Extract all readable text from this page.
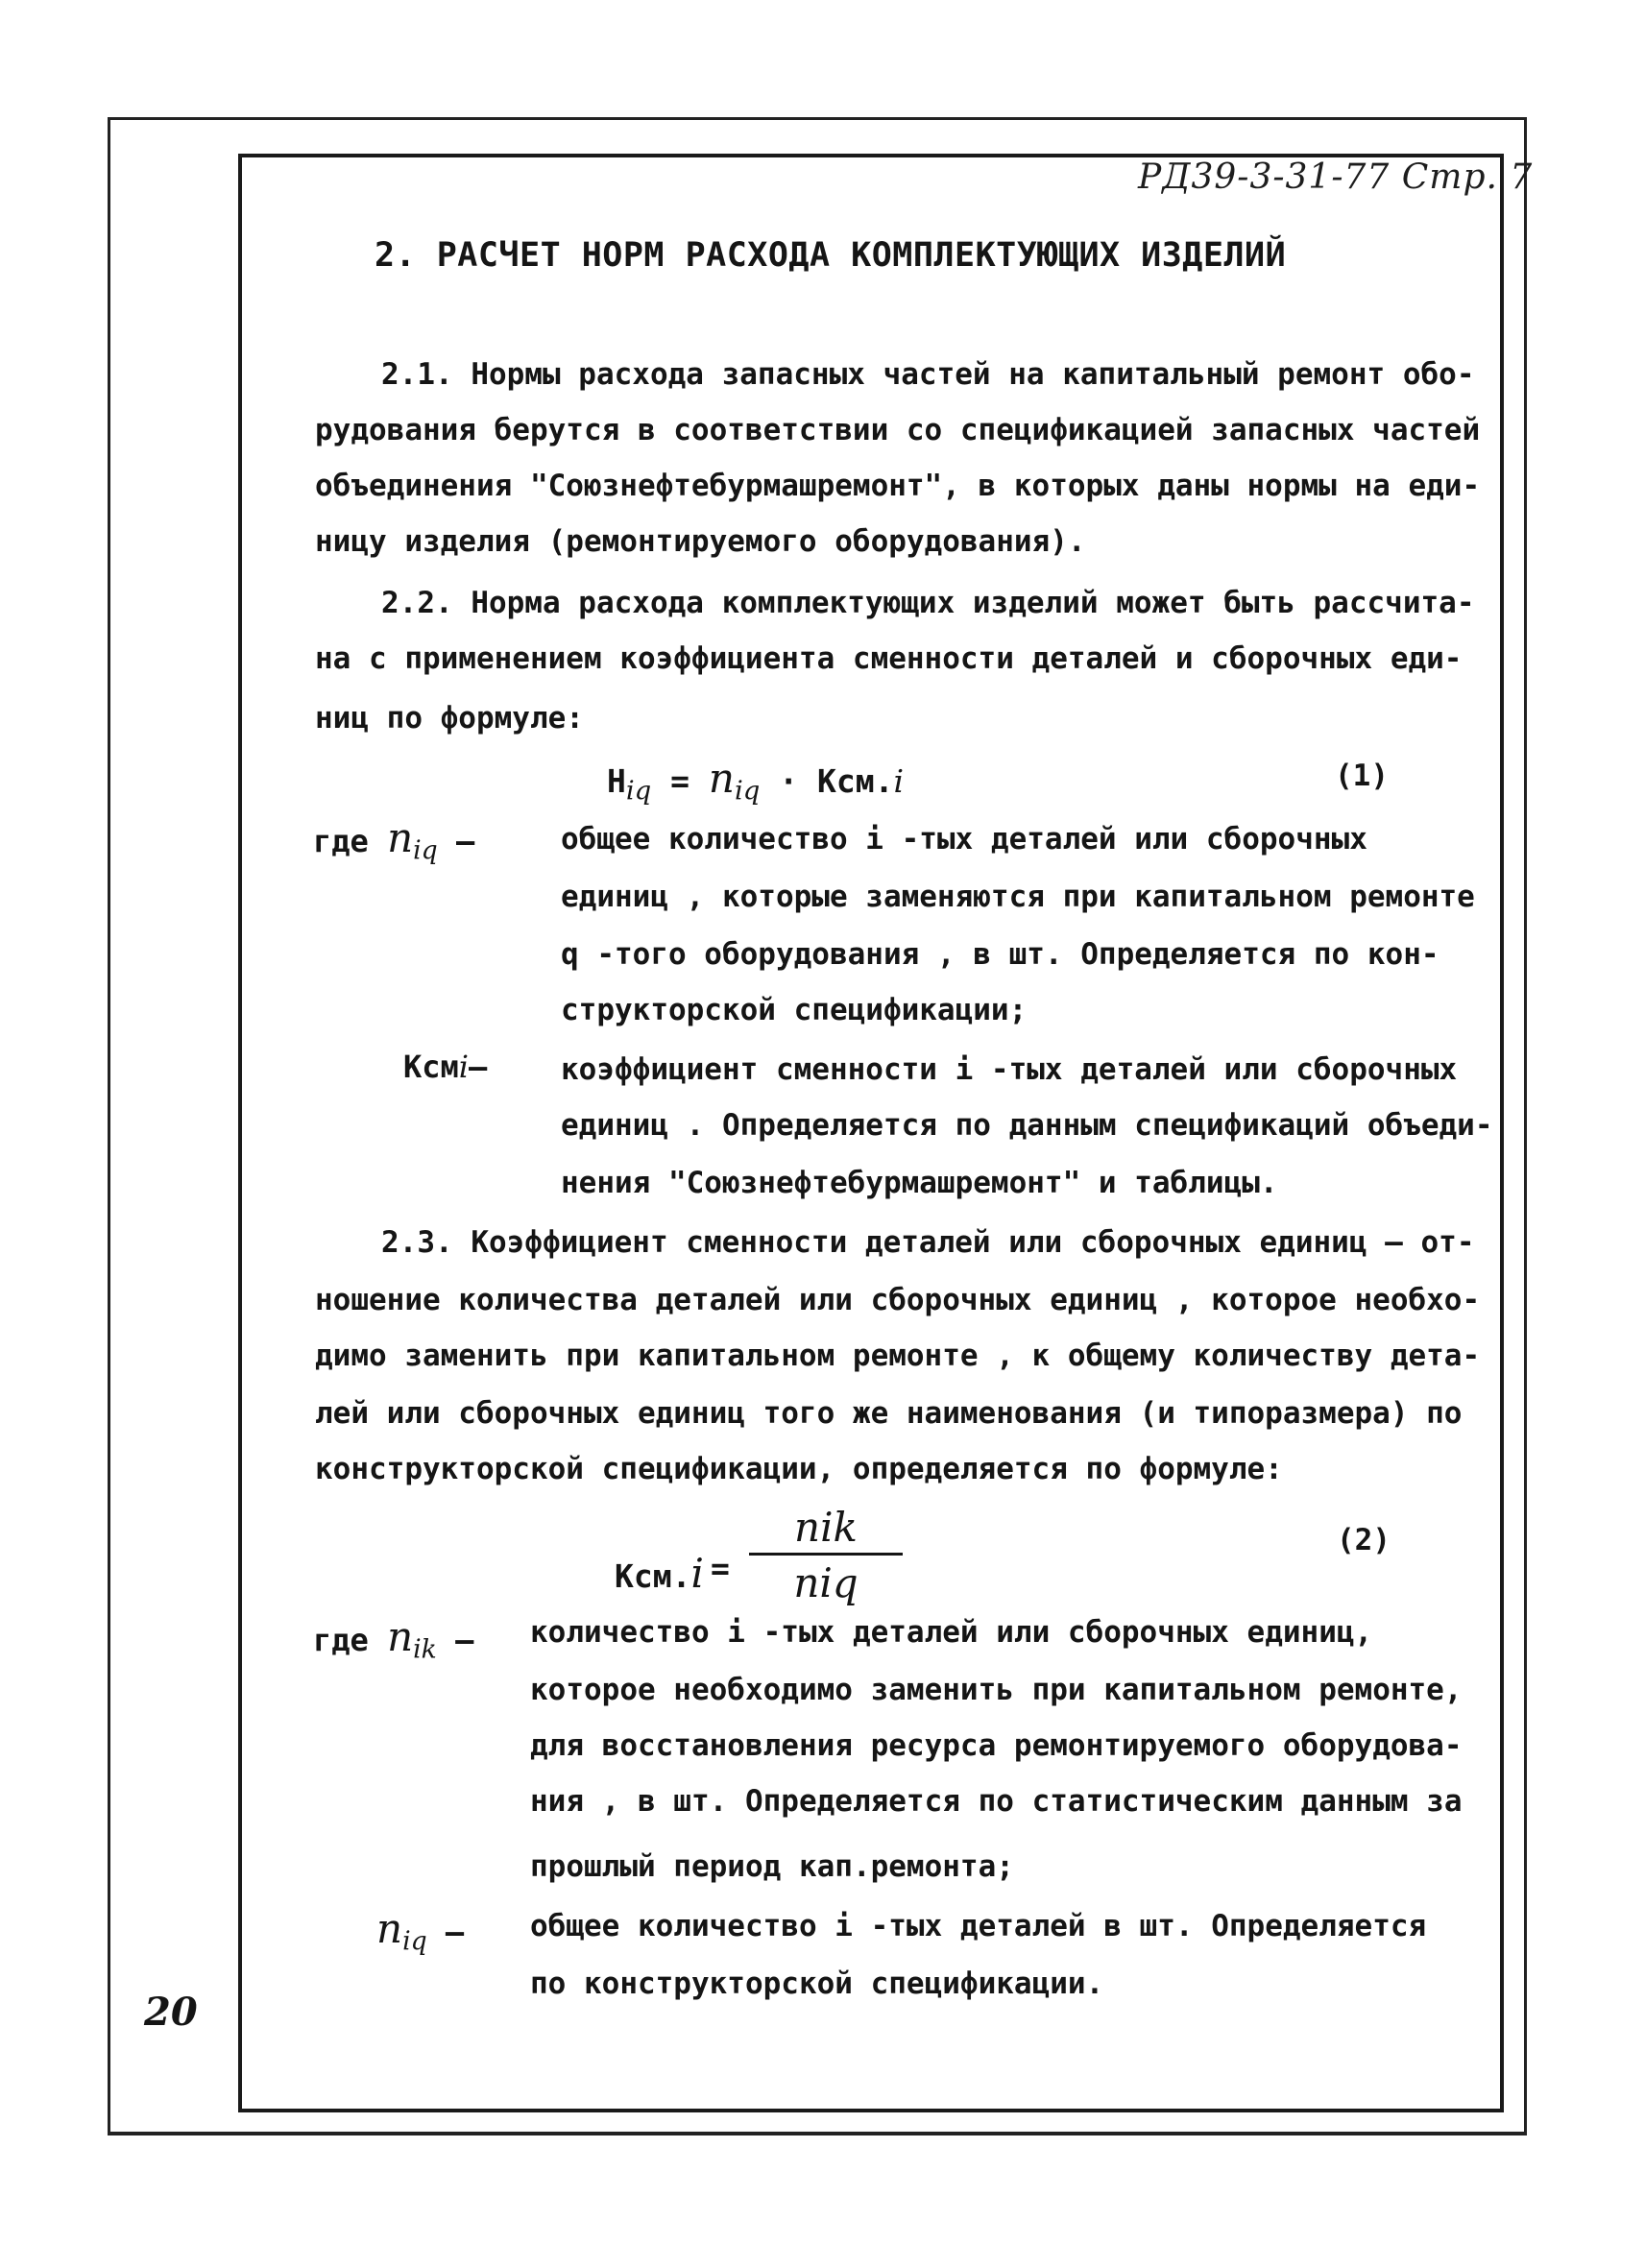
РД39-3-31-77 Стр. 7
2. РАСЧЕТ НОРМ РАСХОДА КОМПЛЕКТУЮЩИХ ИЗДЕЛИЙ
2.1. Нормы расхода запасных частей на капитальный ремонт обо-
рудования берутся в соответствии со спецификацией запасных частей
объединения "Союзнефтебурмашремонт", в которых даны нормы на еди-
ницу изделия (ремонтируемого оборудования).
2.2. Норма расхода комплектующих изделий может быть рассчита-
на с применением коэффициента сменности деталей и сборочных еди-
ниц по формуле:
$Н_{iq} = n_{iq} \cdot Ксм.i$	(1)
где $n_{iq}$ –	общее количество i -тых деталей или сборочных
единиц , которые заменяются при капитальном ремонте
q -того оборудования , в шт. Определяется по кон-
структорской спецификации;
Ксмi– коэффициент сменности i -тых деталей или сборочных
единиц . Определяется по данным спецификаций объеди-
нения "Союзнефтебурмашремонт" и таблицы.
2.3. Коэффициент сменности деталей или сборочных единиц – от-
ношение количества деталей или сборочных единиц , которое необхо-
димо заменить при капитальном ремонте , к общему количеству дета-
лей или сборочных единиц того же наименования (и типоразмера) по
конструкторской спецификации, определяется по формуле:
Ксм.i =
nik
niq
(2)
где $n_{ik}$ – количество i -тых деталей или сборочных единиц,
которое необходимо заменить при капитальном ремонте,
для восстановления ресурса ремонтируемого оборудова-
ния , в шт. Определяется по статистическим данным за
прошлый период кап.ремонта;
$n_{iq}$ – общее количество i -тых деталей в шт. Определяется
по конструкторской спецификации.
20
